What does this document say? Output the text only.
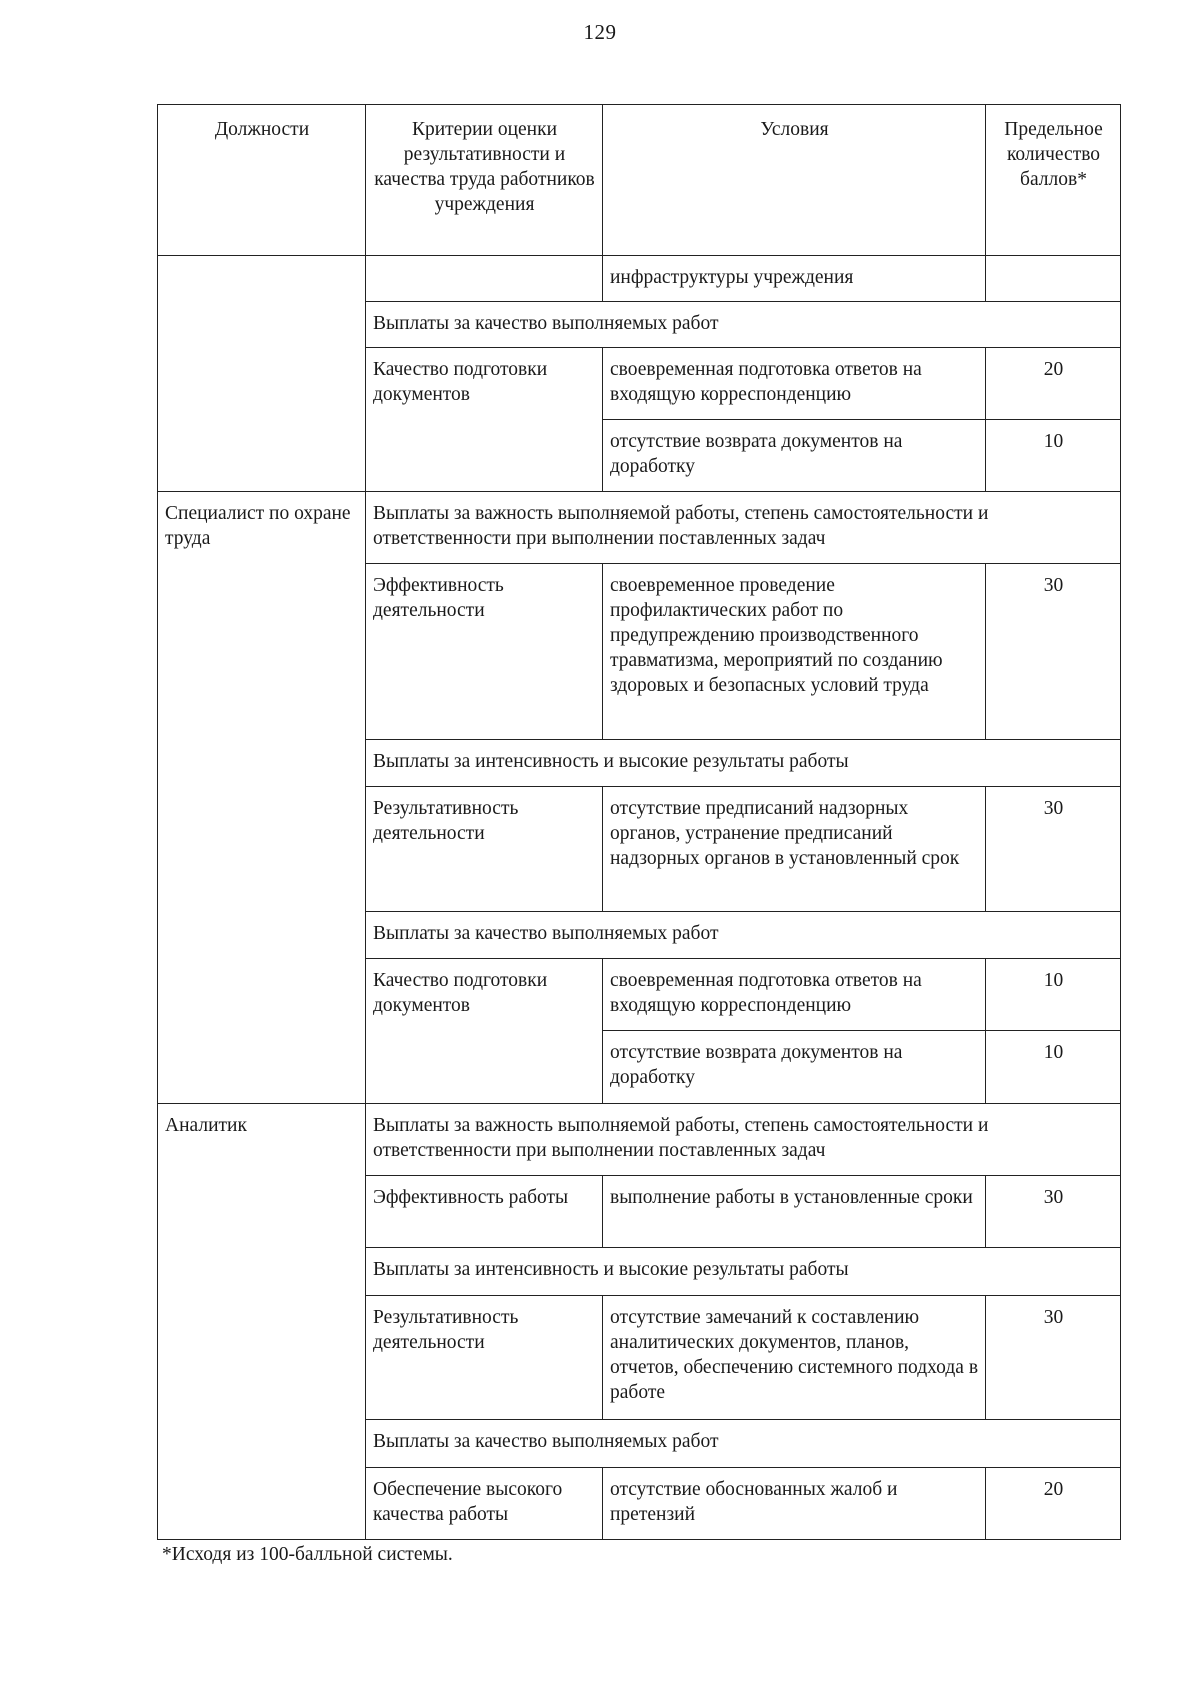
129
Должности	Критерии оценки результативности и качества труда работников учреждения	Условия	Предельное количество баллов*
		инфраструктуры учреждения	
	Выплаты за качество выполняемых работ		
	Качество подготовки документов	своевременная подготовка ответов на входящую корреспонденцию	20
		отсутствие возврата документов на доработку	10
Специалист по охране труда	Выплаты за важность выполняемой работы, степень самостоятельности и ответственности при выполнении поставленных задач		
	Эффективность деятельности	своевременное проведение профилактических работ по предупреждению производственного травматизма, мероприятий по созданию здоровых и безопасных условий труда	30
	Выплаты за интенсивность и высокие результаты работы		
	Результативность деятельности	отсутствие предписаний надзорных органов, устранение предписаний надзорных органов в установленный срок	30
	Выплаты за качество выполняемых работ		
	Качество подготовки документов	своевременная подготовка ответов на входящую корреспонденцию	10
		отсутствие возврата документов на доработку	10
Аналитик	Выплаты за важность выполняемой работы, степень самостоятельности и ответственности при выполнении поставленных задач		
	Эффективность работы	выполнение работы в установленные сроки	30
	Выплаты за интенсивность и высокие результаты работы		
	Результативность деятельности	отсутствие замечаний к составлению аналитических документов, планов, отчетов, обеспечению системного подхода в работе	30
	Выплаты за качество выполняемых работ		
	Обеспечение высокого качества работы	отсутствие обоснованных жалоб и претензий	20
*Исходя из 100-балльной системы.
